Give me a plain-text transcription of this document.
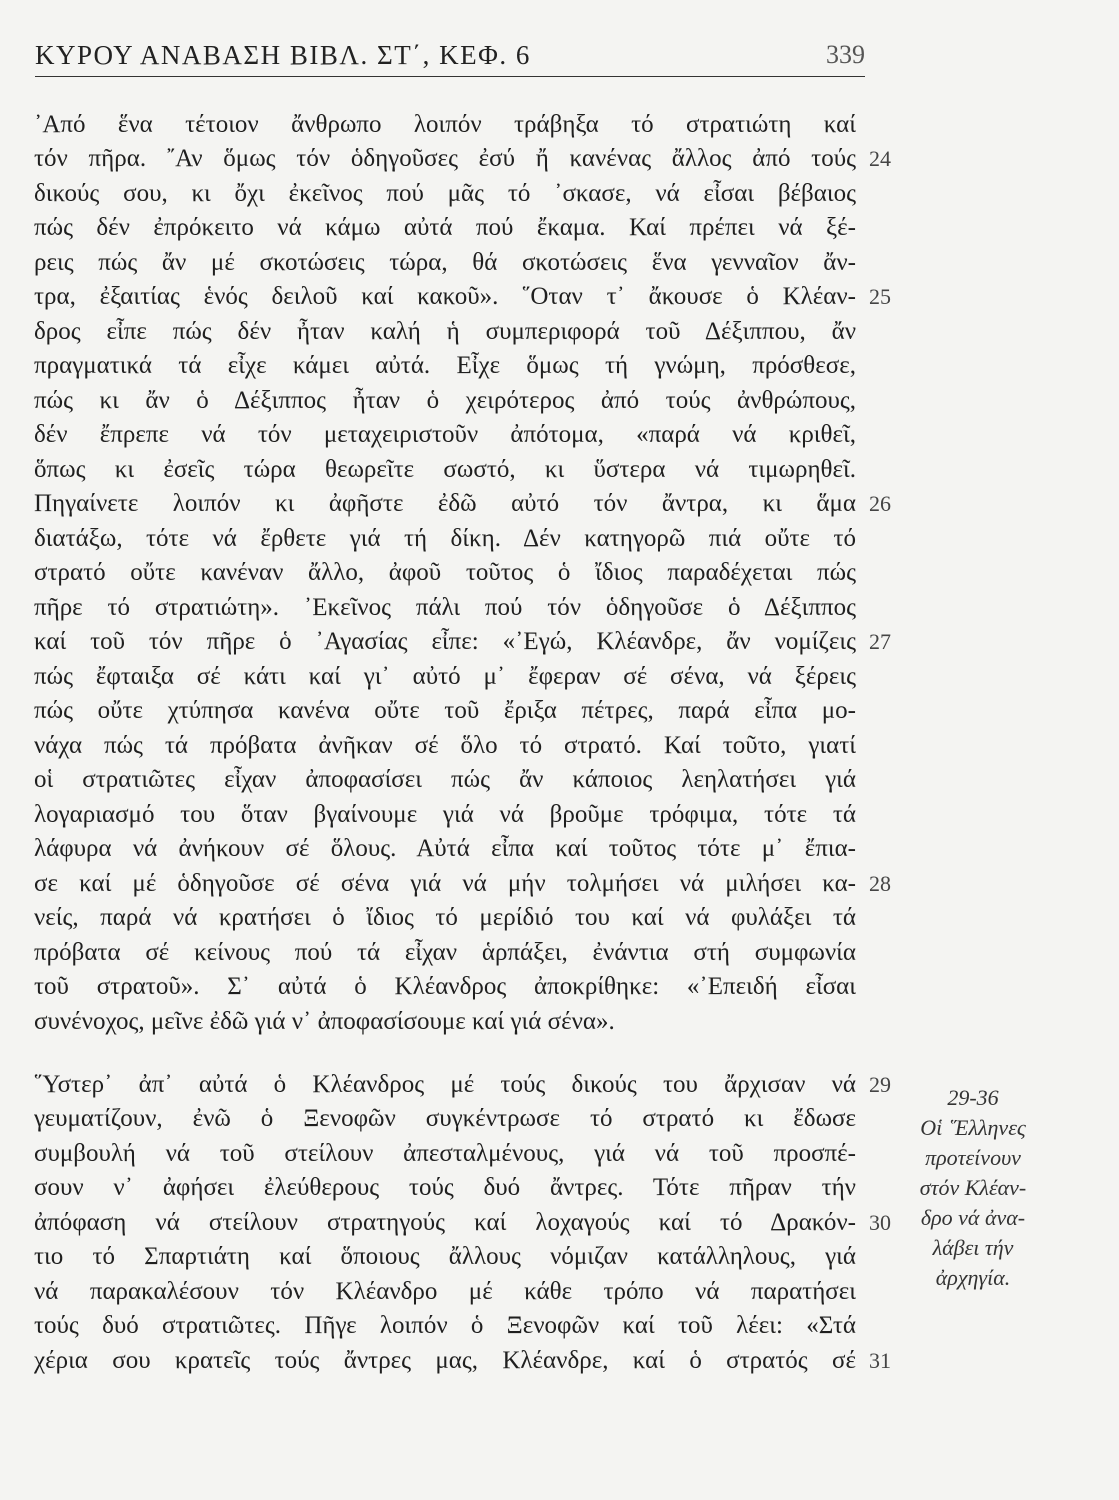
ΚΥΡΟΥ ΑΝΑΒΑΣΗ ΒΙΒΛ. ΣΤ΄, ΚΕΦ. 6	339
᾿Από ἕνα τέτοιον ἄνθρωπο λοιπόν τράβηξα τό στρατιώτη καί
τόν πῆρα. ῎Αν ὅμως τόν ὁδηγοῦσες ἐσύ ἤ κανένας ἄλλος ἀπό τούς
δικούς σου, κι ὄχι ἐκεῖνος πού μᾶς τό ᾿σκασε, νά εἶσαι βέβαιος
πώς δέν ἐπρόκειτο νά κάμω αὐτά πού ἔκαμα. Καί πρέπει νά ξέ-
ρεις πώς ἄν μέ σκοτώσεις τώρα, θά σκοτώσεις ἕνα γενναῖον ἄν-
τρα, ἐξαιτίας ἑνός δειλοῦ καί κακοῦ». ῞Οταν τ᾿ ἄκουσε ὁ Κλέαν-
δρος εἶπε πώς δέν ἦταν καλή ἡ συμπεριφορά τοῦ Δέξιππου, ἄν
πραγματικά τά εἶχε κάμει αὐτά. Εἶχε ὅμως τή γνώμη, πρόσθεσε,
πώς κι ἄν ὁ Δέξιππος ἦταν ὁ χειρότερος ἀπό τούς ἀνθρώπους,
δέν ἔπρεπε νά τόν μεταχειριστοῦν ἀπότομα, «παρά νά κριθεῖ,
ὅπως κι ἐσεῖς τώρα θεωρεῖτε σωστό, κι ὕστερα νά τιμωρηθεῖ.
Πηγαίνετε λοιπόν κι ἀφῆστε ἐδῶ αὐτό τόν ἄντρα, κι ἅμα
διατάξω, τότε νά ἔρθετε γιά τή δίκη. Δέν κατηγορῶ πιά οὔτε τό
στρατό οὔτε κανέναν ἄλλο, ἀφοῦ τοῦτος ὁ ἴδιος παραδέχεται πώς
πῆρε τό στρατιώτη». ᾿Εκεῖνος πάλι πού τόν ὁδηγοῦσε ὁ Δέξιππος
καί τοῦ τόν πῆρε ὁ ᾿Αγασίας εἶπε: «᾿Εγώ, Κλέανδρε, ἄν νομίζεις
πώς ἔφταιξα σέ κάτι καί γι᾿ αὐτό μ᾿ ἔφεραν σέ σένα, νά ξέρεις
πώς οὔτε χτύπησα κανένα οὔτε τοῦ ἔριξα πέτρες, παρά εἶπα μο-
νάχα πώς τά πρόβατα ἀνῆκαν σέ ὅλο τό στρατό. Καί τοῦτο, γιατί
οἱ στρατιῶτες εἶχαν ἀποφασίσει πώς ἄν κάποιος λεηλατήσει γιά
λογαριασμό του ὅταν βγαίνουμε γιά νά βροῦμε τρόφιμα, τότε τά
λάφυρα νά ἀνήκουν σέ ὅλους. Αὐτά εἶπα καί τοῦτος τότε μ᾿ ἔπια-
σε καί μέ ὁδηγοῦσε σέ σένα γιά νά μήν τολμήσει νά μιλήσει κα-
νείς, παρά νά κρατήσει ὁ ἴδιος τό μερίδιό του καί νά φυλάξει τά
πρόβατα σέ κείνους πού τά εἶχαν ἁρπάξει, ἐνάντια στή συμφωνία
τοῦ στρατοῦ». Σ᾿ αὐτά ὁ Κλέανδρος ἀποκρίθηκε: «᾿Επειδή εἶσαι
συνένοχος, μεῖνε ἐδῶ γιά ν᾿ ἀποφασίσουμε καί γιά σένα».
῞Υστερ᾿ ἀπ᾿ αὐτά ὁ Κλέανδρος μέ τούς δικούς του ἄρχισαν νά
γευματίζουν, ἐνῶ ὁ Ξενοφῶν συγκέντρωσε τό στρατό κι ἔδωσε
συμβουλή νά τοῦ στείλουν ἀπεσταλμένους, γιά νά τοῦ προσπέ-
σουν ν᾿ ἀφήσει ἐλεύθερους τούς δυό ἄντρες. Τότε πῆραν τήν
ἀπόφαση νά στείλουν στρατηγούς καί λοχαγούς καί τό Δρακόν-
τιο τό Σπαρτιάτη καί ὅποιους ἄλλους νόμιζαν κατάλληλους, γιά
νά παρακαλέσουν τόν Κλέανδρο μέ κάθε τρόπο νά παρατήσει
τούς δυό στρατιῶτες. Πῆγε λοιπόν ὁ Ξενοφῶν καί τοῦ λέει: «Στά
χέρια σου κρατεῖς τούς ἄντρες μας, Κλέανδρε, καί ὁ στρατός σέ
24
25
26
27
28
29
30
31
29-36
Οἱ ῞Ελληνες
προτείνουν
στόν Κλέαν-
δρο νά ἀνα-
λάβει τήν
ἀρχηγία.
